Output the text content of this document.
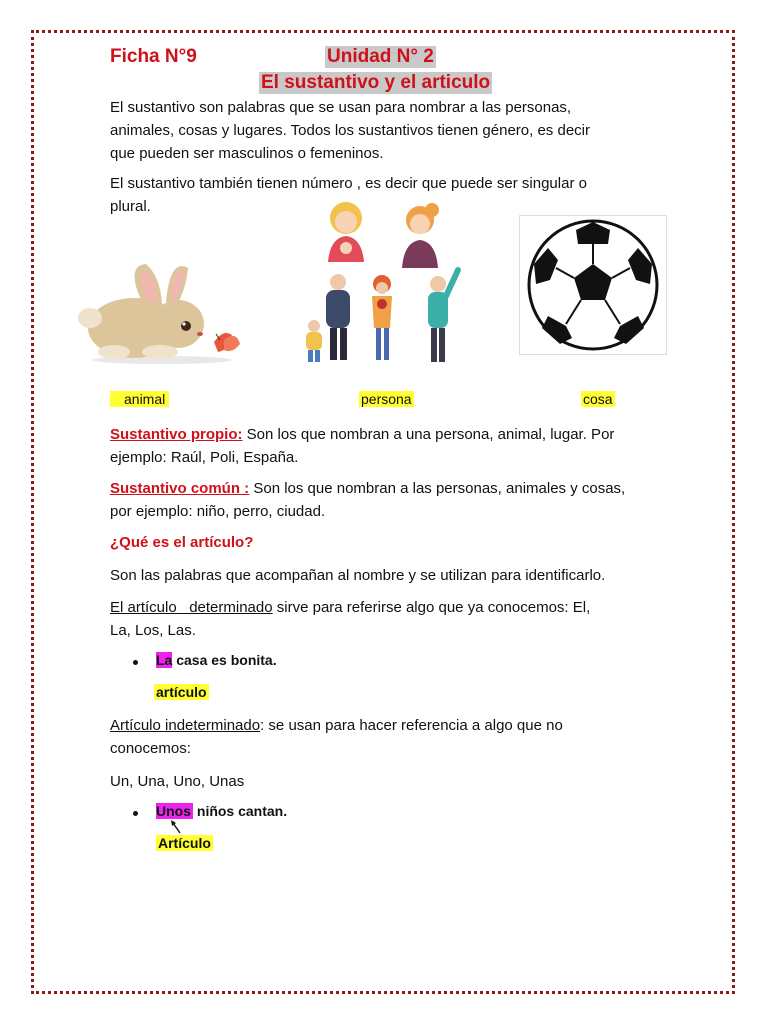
Ficha N°9	Unidad N° 2
El sustantivo y el articulo
El sustantivo son palabras que se usan para nombrar a las personas,
animales, cosas y lugares. Todos los sustantivos tienen género, es decir
que pueden ser masculinos o femeninos.
El sustantivo también tienen número , es decir que puede ser singular o
plural.
animal	persona	cosa
Sustantivo propio: Son los que nombran a una persona, animal, lugar. Por
ejemplo: Raúl, Poli, España.
Sustantivo común : Son los que nombran a las personas, animales y cosas,
por ejemplo: niño, perro, ciudad.
¿Qué es el artículo?
Son las palabras que acompañan al nombre y se utilizan para identificarlo.
El artículo   determinado sirve para referirse algo que ya conocemos: El,
La, Los, Las.
La casa es bonita.
artículo
Artículo indeterminado: se usan para hacer referencia a algo que no
conocemos:
Un, Una, Uno, Unas
Unos niños cantan.
Artículo
